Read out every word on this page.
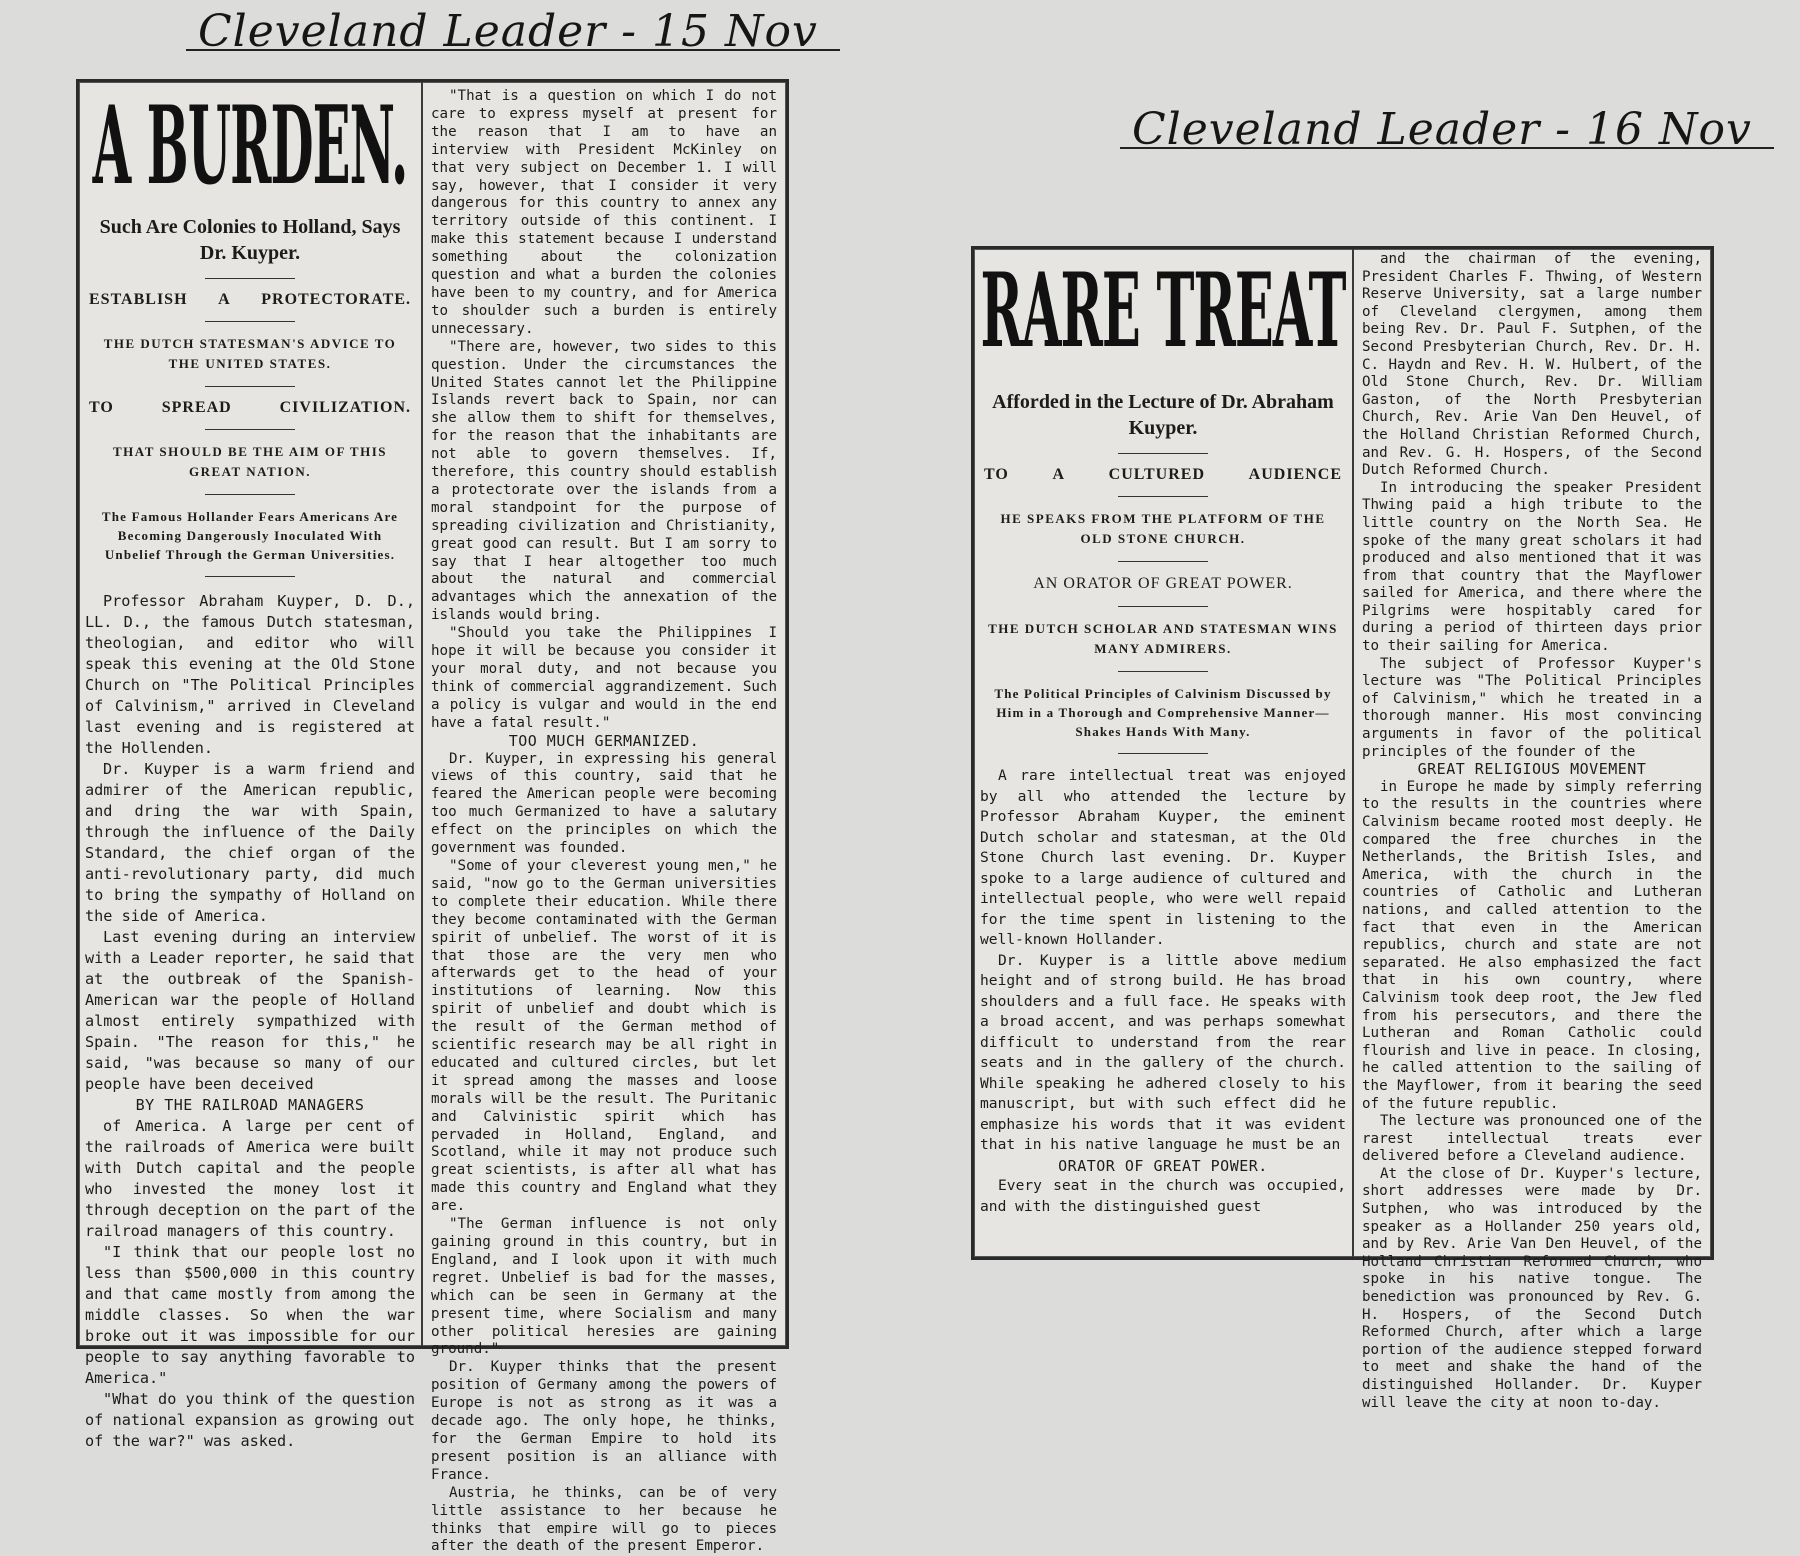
Cleveland Leader - 15 Nov
Cleveland Leader - 16 Nov
A BURDEN.
Such Are Colonies to Holland, Says Dr. Kuyper.
ESTABLISH A PROTECTORATE.
THE DUTCH STATESMAN'S ADVICE TO THE UNITED STATES.
TO SPREAD CIVILIZATION.
THAT SHOULD BE THE AIM OF THIS GREAT NATION.
The Famous Hollander Fears Americans Are Becoming Dangerously Inoculated With Unbelief Through the German Universities.

Professor Abraham Kuyper, D. D., LL. D., the famous Dutch statesman, theologian, and editor who will speak this evening at the Old Stone Church on "The Political Principles of Calvinism," arrived in Cleveland last evening and is registered at the Hollenden.

Dr. Kuyper is a warm friend and admirer of the American republic, and dring the war with Spain, through the influence of the Daily Standard, the chief organ of the anti-revolutionary party, did much to bring the sympathy of Holland on the side of America.

Last evening during an interview with a Leader reporter, he said that at the outbreak of the Spanish-American war the people of Holland almost entirely sympathized with Spain. "The reason for this," he said, "was because so many of our people have been deceived

BY THE RAILROAD MANAGERS

of America. A large per cent of the railroads of America were built with Dutch capital and the people who invested the money lost it through deception on the part of the railroad managers of this country.

"I think that our people lost no less than $500,000 in this country and that came mostly from among the middle classes. So when the war broke out it was impossible for our people to say anything favorable to America."

"What do you think of the question of national expansion as growing out of the war?" was asked.

"That is a question on which I do not care to express myself at present for the reason that I am to have an interview with President McKinley on that very subject on December 1. I will say, however, that I consider it very dangerous for this country to annex any territory outside of this continent. I make this statement because I understand something about the colonization question and what a burden the colonies have been to my country, and for America to shoulder such a burden is entirely unnecessary.

"There are, however, two sides to this question. Under the circumstances the United States cannot let the Philippine Islands revert back to Spain, nor can she allow them to shift for themselves, for the reason that the inhabitants are not able to govern themselves. If, therefore, this country should establish a protectorate over the islands from a moral standpoint for the purpose of spreading civilization and Christianity, great good can result. But I am sorry to say that I hear altogether too much about the natural and commercial advantages which the annexation of the islands would bring.

"Should you take the Philippines I hope it will be because you consider it your moral duty, and not because you think of commercial aggrandizement. Such a policy is vulgar and would in the end have a fatal result."

TOO MUCH GERMANIZED.

Dr. Kuyper, in expressing his general views of this country, said that he feared the American people were becoming too much Germanized to have a salutary effect on the principles on which the government was founded.

"Some of your cleverest young men," he said, "now go to the German universities to complete their education. While there they become contaminated with the German spirit of unbelief. The worst of it is that those are the very men who afterwards get to the head of your institutions of learning. Now this spirit of unbelief and doubt which is the result of the German method of scientific research may be all right in educated and cultured circles, but let it spread among the masses and loose morals will be the result. The Puritanic and Calvinistic spirit which has pervaded in Holland, England, and Scotland, while it may not produce such great scientists, is after all what has made this country and England what they are.

"The German influence is not only gaining ground in this country, but in England, and I look upon it with much regret. Unbelief is bad for the masses, which can be seen in Germany at the present time, where Socialism and many other political heresies are gaining ground."

Dr. Kuyper thinks that the present position of Germany among the powers of Europe is not as strong as it was a decade ago. The only hope, he thinks, for the German Empire to hold its present position is an alliance with France.

Austria, he thinks, can be of very little assistance to her because he thinks that empire will go to pieces after the death of the present Emperor.

RARE TREAT
Afforded in the Lecture of Dr. Abraham Kuyper.
TO A CULTURED AUDIENCE
HE SPEAKS FROM THE PLATFORM OF THE OLD STONE CHURCH.
AN ORATOR OF GREAT POWER.
THE DUTCH SCHOLAR AND STATESMAN WINS MANY ADMIRERS.
The Political Principles of Calvinism Discussed by Him in a Thorough and Comprehensive Manner—Shakes Hands With Many.

A rare intellectual treat was enjoyed by all who attended the lecture by Professor Abraham Kuyper, the eminent Dutch scholar and statesman, at the Old Stone Church last evening. Dr. Kuyper spoke to a large audience of cultured and intellectual people, who were well repaid for the time spent in listening to the well-known Hollander.

Dr. Kuyper is a little above medium height and of strong build. He has broad shoulders and a full face. He speaks with a broad accent, and was perhaps somewhat difficult to understand from the rear seats and in the gallery of the church. While speaking he adhered closely to his manuscript, but with such effect did he emphasize his words that it was evident that in his native language he must be an

ORATOR OF GREAT POWER.

Every seat in the church was occupied, and with the distinguished guest

and the chairman of the evening, President Charles F. Thwing, of Western Reserve University, sat a large number of Cleveland clergymen, among them being Rev. Dr. Paul F. Sutphen, of the Second Presbyterian Church, Rev. Dr. H. C. Haydn and Rev. H. W. Hulbert, of the Old Stone Church, Rev. Dr. William Gaston, of the North Presbyterian Church, Rev. Arie Van Den Heuvel, of the Holland Christian Reformed Church, and Rev. G. H. Hospers, of the Second Dutch Reformed Church.

In introducing the speaker President Thwing paid a high tribute to the little country on the North Sea. He spoke of the many great scholars it had produced and also mentioned that it was from that country that the Mayflower sailed for America, and there where the Pilgrims were hospitably cared for during a period of thirteen days prior to their sailing for America.

The subject of Professor Kuyper's lecture was "The Political Principles of Calvinism," which he treated in a thorough manner. His most convincing arguments in favor of the political principles of the founder of the

GREAT RELIGIOUS MOVEMENT

in Europe he made by simply referring to the results in the countries where Calvinism became rooted most deeply. He compared the free churches in the Netherlands, the British Isles, and America, with the church in the countries of Catholic and Lutheran nations, and called attention to the fact that even in the American republics, church and state are not separated. He also emphasized the fact that in his own country, where Calvinism took deep root, the Jew fled from his persecutors, and there the Lutheran and Roman Catholic could flourish and live in peace. In closing, he called attention to the sailing of the Mayflower, from it bearing the seed of the future republic.

The lecture was pronounced one of the rarest intellectual treats ever delivered before a Cleveland audience.

At the close of Dr. Kuyper's lecture, short addresses were made by Dr. Sutphen, who was introduced by the speaker as a Hollander 250 years old, and by Rev. Arie Van Den Heuvel, of the Holland Christian Reformed Church, who spoke in his native tongue. The benediction was pronounced by Rev. G. H. Hospers, of the Second Dutch Reformed Church, after which a large portion of the audience stepped forward to meet and shake the hand of the distinguished Hollander. Dr. Kuyper will leave the city at noon to-day.
